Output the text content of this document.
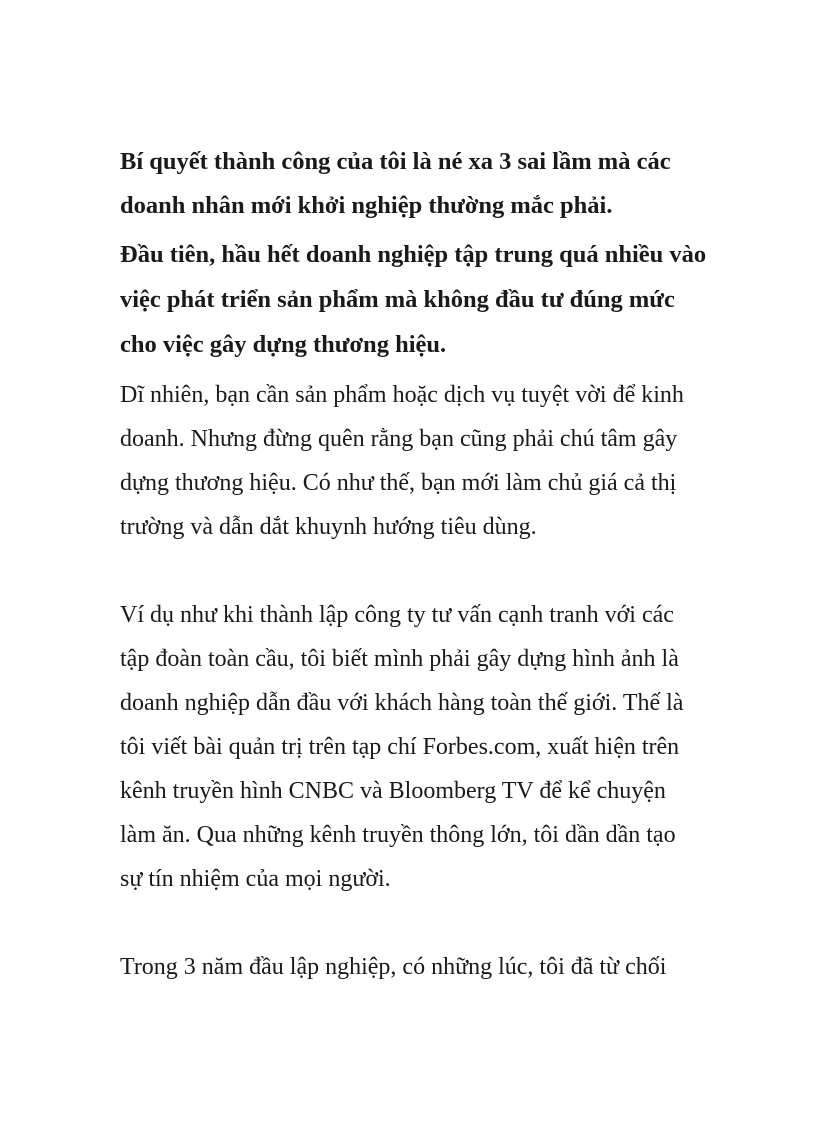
Bí quyết thành công của tôi là né xa 3 sai lầm mà các
doanh nhân mới khởi nghiệp thường mắc phải.
Đầu tiên, hầu hết doanh nghiệp tập trung quá nhiều vào
việc phát triển sản phẩm mà không đầu tư đúng mức
cho việc gây dựng thương hiệu.
Dĩ nhiên, bạn cần sản phẩm hoặc dịch vụ tuyệt vời để kinh
doanh. Nhưng đừng quên rằng bạn cũng phải chú tâm gây
dựng thương hiệu. Có như thế, bạn mới làm chủ giá cả thị
trường và dẫn dắt khuynh hướng tiêu dùng.
Ví dụ như khi thành lập công ty tư vấn cạnh tranh với các
tập đoàn toàn cầu, tôi biết mình phải gây dựng hình ảnh là
doanh nghiệp dẫn đầu với khách hàng toàn thế giới. Thế là
tôi viết bài quản trị trên tạp chí Forbes.com, xuất hiện trên
kênh truyền hình CNBC và Bloomberg TV để kể chuyện
làm ăn. Qua những kênh truyền thông lớn, tôi dần dần tạo
sự tín nhiệm của mọi người.
Trong 3 năm đầu lập nghiệp, có những lúc, tôi đã từ chối
